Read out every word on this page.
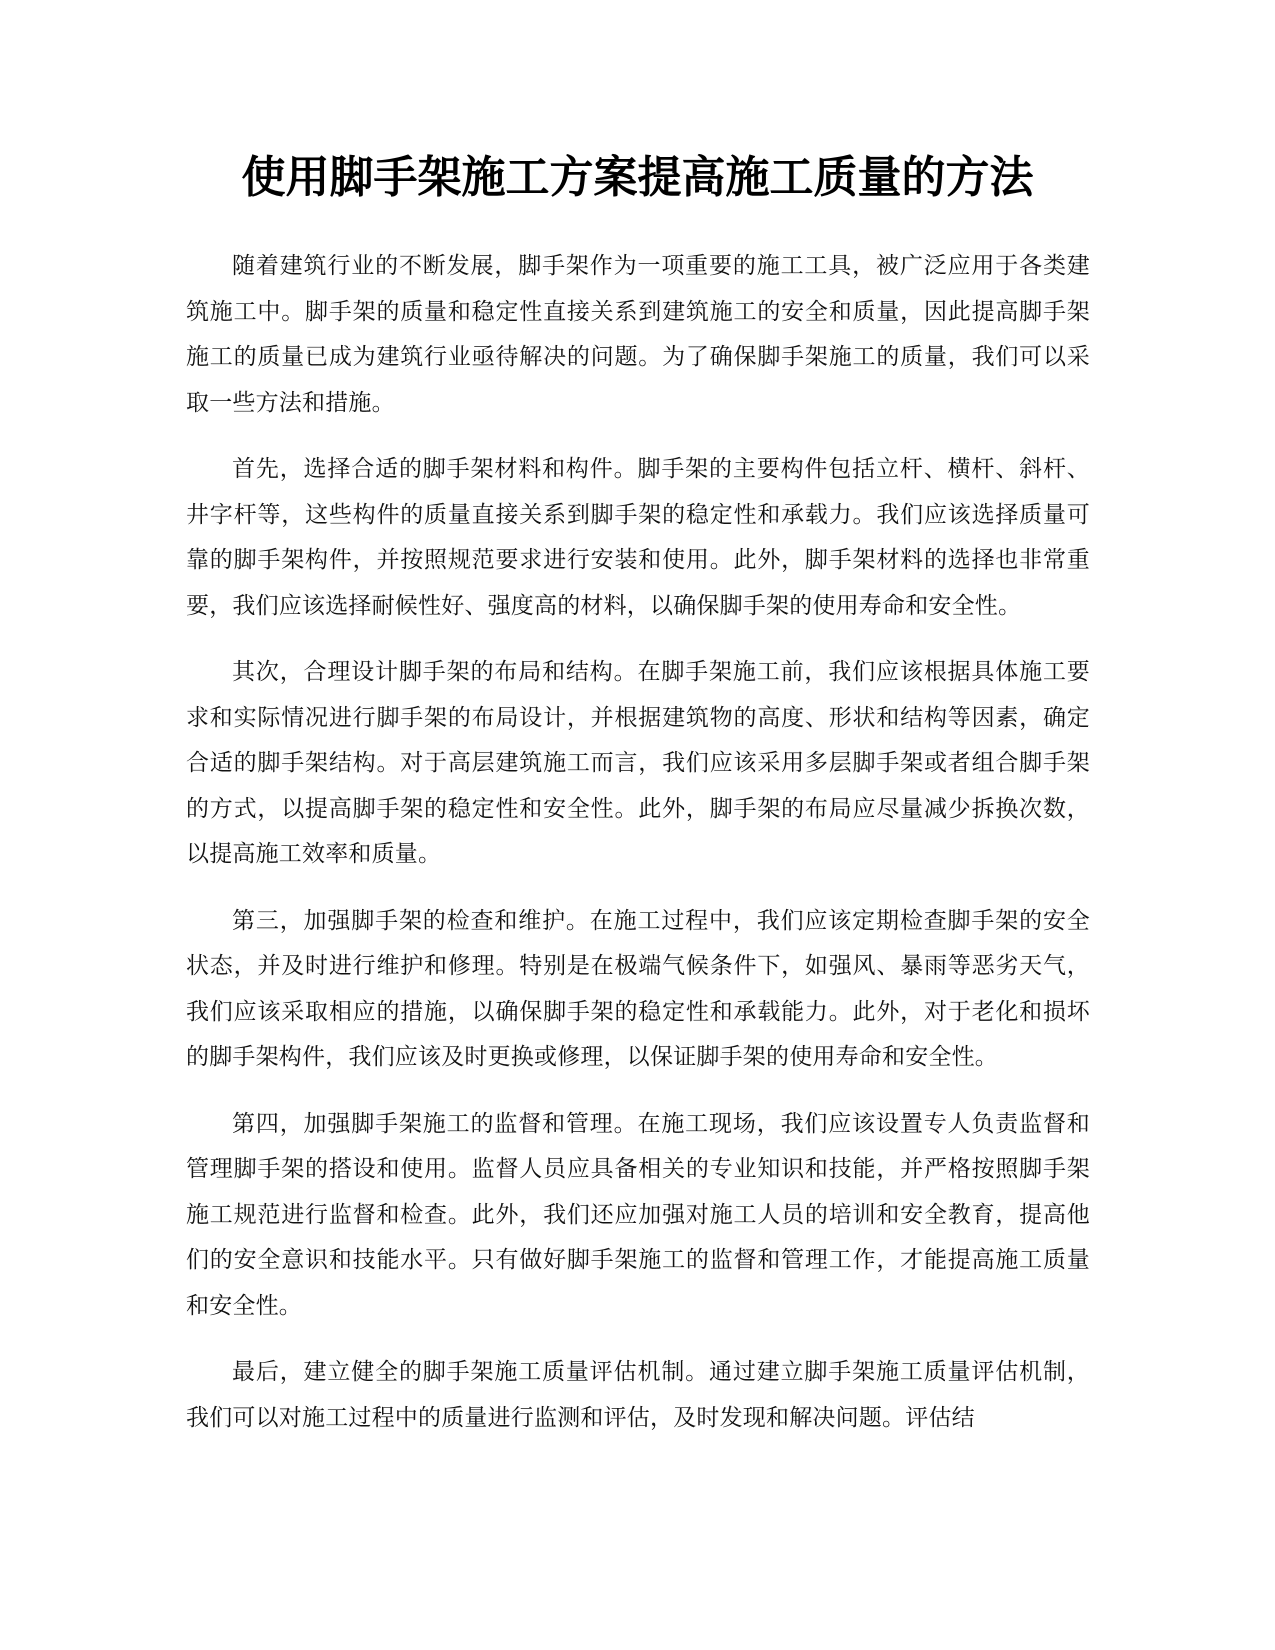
使用脚手架施工方案提高施工质量的方法

随着建筑行业的不断发展，脚手架作为一项重要的施工工具，被广泛应用于各类建筑施工中。脚手架的质量和稳定性直接关系到建筑施工的安全和质量，因此提高脚手架施工的质量已成为建筑行业亟待解决的问题。为了确保脚手架施工的质量，我们可以采取一些方法和措施。

首先，选择合适的脚手架材料和构件。脚手架的主要构件包括立杆、横杆、斜杆、井字杆等，这些构件的质量直接关系到脚手架的稳定性和承载力。我们应该选择质量可靠的脚手架构件，并按照规范要求进行安装和使用。此外，脚手架材料的选择也非常重要，我们应该选择耐候性好、强度高的材料，以确保脚手架的使用寿命和安全性。

其次，合理设计脚手架的布局和结构。在脚手架施工前，我们应该根据具体施工要求和实际情况进行脚手架的布局设计，并根据建筑物的高度、形状和结构等因素，确定合适的脚手架结构。对于高层建筑施工而言，我们应该采用多层脚手架或者组合脚手架的方式，以提高脚手架的稳定性和安全性。此外，脚手架的布局应尽量减少拆换次数，以提高施工效率和质量。

第三，加强脚手架的检查和维护。在施工过程中，我们应该定期检查脚手架的安全状态，并及时进行维护和修理。特别是在极端气候条件下，如强风、暴雨等恶劣天气，我们应该采取相应的措施，以确保脚手架的稳定性和承载能力。此外，对于老化和损坏的脚手架构件，我们应该及时更换或修理，以保证脚手架的使用寿命和安全性。

第四，加强脚手架施工的监督和管理。在施工现场，我们应该设置专人负责监督和管理脚手架的搭设和使用。监督人员应具备相关的专业知识和技能，并严格按照脚手架施工规范进行监督和检查。此外，我们还应加强对施工人员的培训和安全教育，提高他们的安全意识和技能水平。只有做好脚手架施工的监督和管理工作，才能提高施工质量和安全性。

最后，建立健全的脚手架施工质量评估机制。通过建立脚手架施工质量评估机制，我们可以对施工过程中的质量进行监测和评估，及时发现和解决问题。评估结
